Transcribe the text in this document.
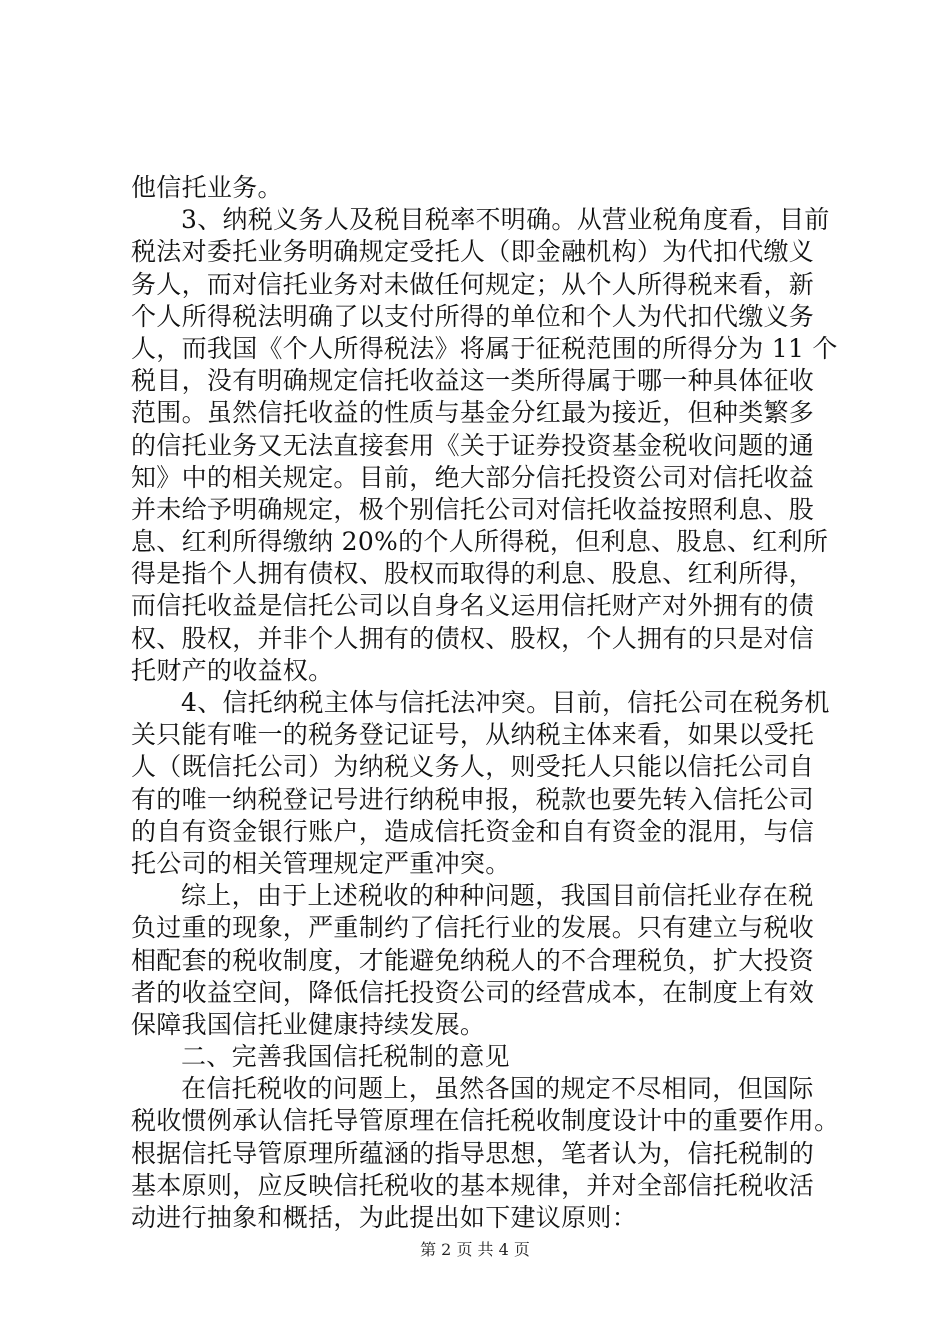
他信托业务。
3、纳税义务人及税目税率不明确。从营业税角度看，目前
税法对委托业务明确规定受托人（即金融机构）为代扣代缴义
务人，而对信托业务对未做任何规定；从个人所得税来看，新
个人所得税法明确了以支付所得的单位和个人为代扣代缴义务
人，而我国《个人所得税法》将属于征税范围的所得分为 11 个
税目，没有明确规定信托收益这一类所得属于哪一种具体征收
范围。虽然信托收益的性质与基金分红最为接近，但种类繁多
的信托业务又无法直接套用《关于证券投资基金税收问题的通
知》中的相关规定。目前，绝大部分信托投资公司对信托收益
并未给予明确规定，极个别信托公司对信托收益按照利息、股
息、红利所得缴纳 20%的个人所得税，但利息、股息、红利所
得是指个人拥有债权、股权而取得的利息、股息、红利所得，
而信托收益是信托公司以自身名义运用信托财产对外拥有的债
权、股权，并非个人拥有的债权、股权，个人拥有的只是对信
托财产的收益权。
4、信托纳税主体与信托法冲突。目前，信托公司在税务机
关只能有唯一的税务登记证号，从纳税主体来看，如果以受托
人（既信托公司）为纳税义务人，则受托人只能以信托公司自
有的唯一纳税登记号进行纳税申报，税款也要先转入信托公司
的自有资金银行账户，造成信托资金和自有资金的混用，与信
托公司的相关管理规定严重冲突。
综上，由于上述税收的种种问题，我国目前信托业存在税
负过重的现象，严重制约了信托行业的发展。只有建立与税收
相配套的税收制度，才能避免纳税人的不合理税负，扩大投资
者的收益空间，降低信托投资公司的经营成本，在制度上有效
保障我国信托业健康持续发展。
二、完善我国信托税制的意见
在信托税收的问题上，虽然各国的规定不尽相同，但国际
税收惯例承认信托导管原理在信托税收制度设计中的重要作用。
根据信托导管原理所蕴涵的指导思想，笔者认为，信托税制的
基本原则，应反映信托税收的基本规律，并对全部信托税收活
动进行抽象和概括，为此提出如下建议原则：
第 2 页 共 4 页
